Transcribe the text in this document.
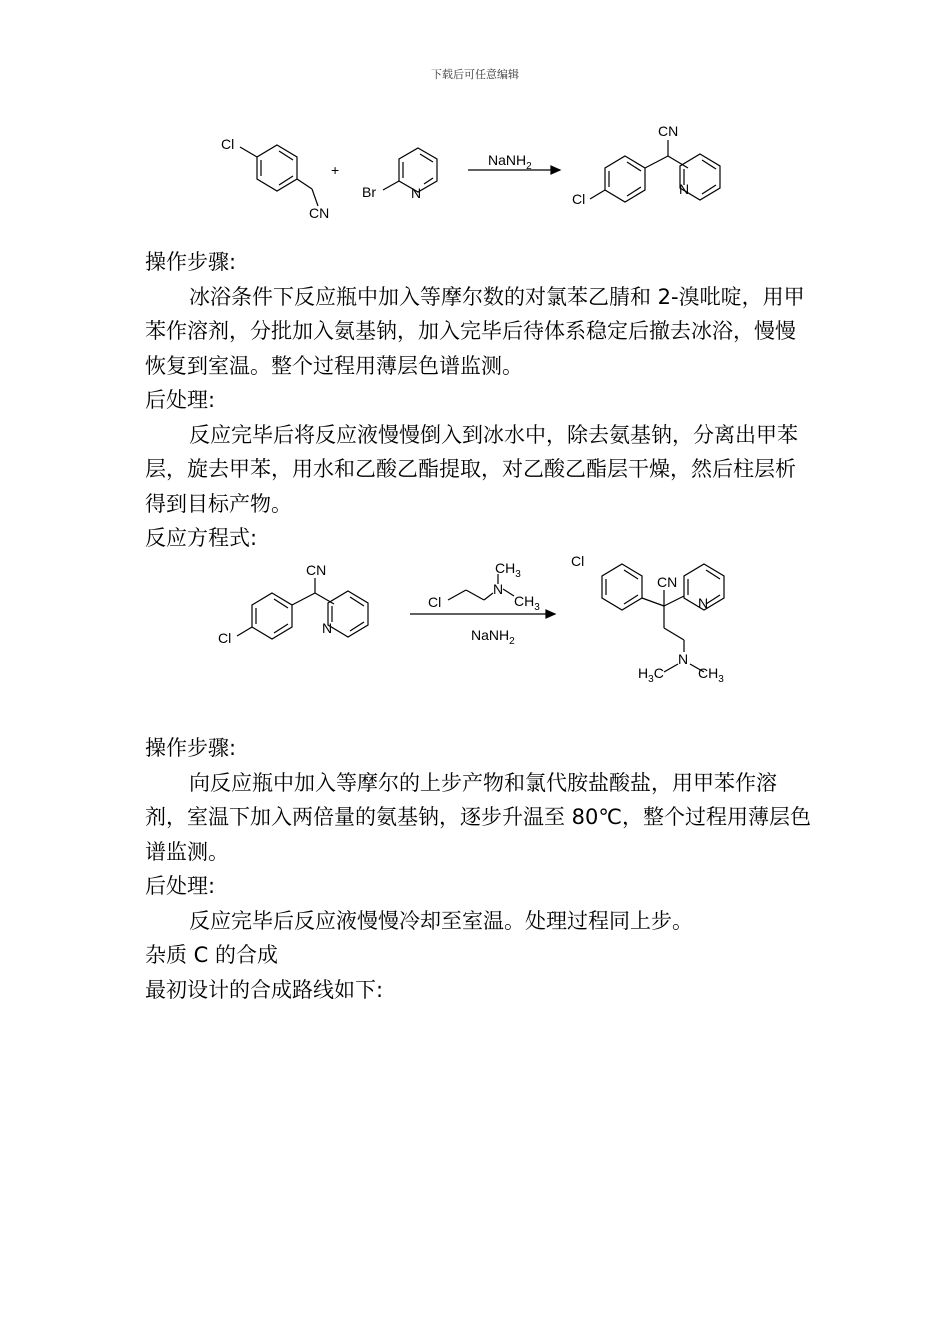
下载后可任意编辑
Cl
CN
+
Br	N
NaNH$_2$
CN
Cl
N

操作步骤:

冰浴条件下反应瓶中加入等摩尔数的对氯苯乙腈和 2-溴吡啶，用甲苯作溶剂，分批加入氨基钠，加入完毕后待体系稳定后撤去冰浴，慢慢恢复到室温。整个过程用薄层色谱监测。

后处理:

反应完毕后将反应液慢慢倒入到冰水中，除去氨基钠，分离出甲苯层，旋去甲苯，用水和乙酸乙酯提取，对乙酸乙酯层干燥，然后柱层析得到目标产物。

反应方程式:

CN
Cl
N
Cl
N
$CH_3$
$CH_3$
NaNH$_2$
Cl
CN
N
N
$H_3C$ $CH_3$

操作步骤:

向反应瓶中加入等摩尔的上步产物和氯代胺盐酸盐，用甲苯作溶剂，室温下加入两倍量的氨基钠，逐步升温至 80℃，整个过程用薄层色谱监测。

后处理:

反应完毕后反应液慢慢冷却至室温。处理过程同上步。

杂质 C 的合成

最初设计的合成路线如下:
